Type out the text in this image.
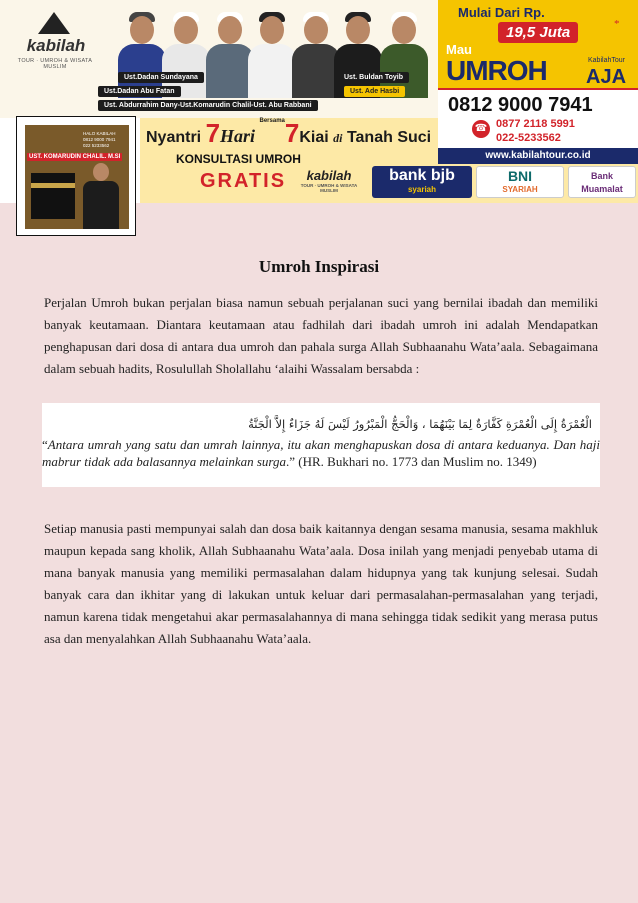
kabilah
TOUR · UMROH & WISATA MUSLIM
Ust.Dadan Sundayana
Ust.Dadan Abu Fatan
Ust. Abdurrahim Dany-Ust.Komarudin Chalil-Ust. Abu Rabbani
Ust. Buldan Toyib
Ust. Ade Hasbi
Mulai Dari Rp.
19,5 Juta	*
Mau
UMROH	KabilahTour
AJA
0812 9000 7941
☎ 0877 2118 5991
022-5233562
www.kabilahtour.co.id
Nyantri 7Hari $^{Bersama}$7Kiai di Tanah Suci
KONSULTASI UMROH
GRATIS	kabilah
TOUR · UMROH & WISATA MUSLIM
bank bjb
syariah
BNI
SYARIAH
Bank Muamalat
UST. KOMARUDIN CHALIL. M.SI
HALO KABILAH
0812 9000 7941
022 5233562
Umroh Inspirasi

Perjalan Umroh bukan perjalan biasa namun sebuah perjalanan suci yang bernilai ibadah dan memiliki banyak keutamaan. Diantara keutamaan atau fadhilah dari ibadah umroh ini adalah Mendapatkan penghapusan dari dosa di antara dua umroh dan pahala surga Allah Subhaanahu Wata’aala. Sebagaimana dalam sebuah hadits, Rosulullah Sholallahu ‘alaihi Wassalam bersabda :

الْعُمْرَةُ إِلَى الْعُمْرَةِ كَفَّارَةٌ لِمَا بَيْنَهُمَا ، وَالْحَجُّ الْمَبْرُورُ لَيْسَ لَهُ جَزَاءٌ إِلاَّ الْجَنَّةُ

“Antara umrah yang satu dan umrah lainnya, itu akan menghapuskan dosa di antara keduanya. Dan haji mabrur tidak ada balasannya melainkan surga.” (HR. Bukhari no. 1773 dan Muslim no. 1349)

Setiap manusia pasti mempunyai salah dan dosa baik kaitannya dengan sesama manusia, sesama makhluk maupun kepada sang kholik, Allah Subhaanahu Wata’aala. Dosa inilah yang menjadi penyebab utama di mana banyak manusia yang memiliki permasalahan dalam hidupnya yang tak kunjung selesai. Sudah banyak cara dan ikhitar yang di lakukan untuk keluar dari permasalahan-permasalahan yang terjadi, namun karena tidak mengetahui akar permasalahannya di mana sehingga tidak sedikit yang merasa putus asa dan menyalahkan Allah Subhaanahu Wata’aala.
